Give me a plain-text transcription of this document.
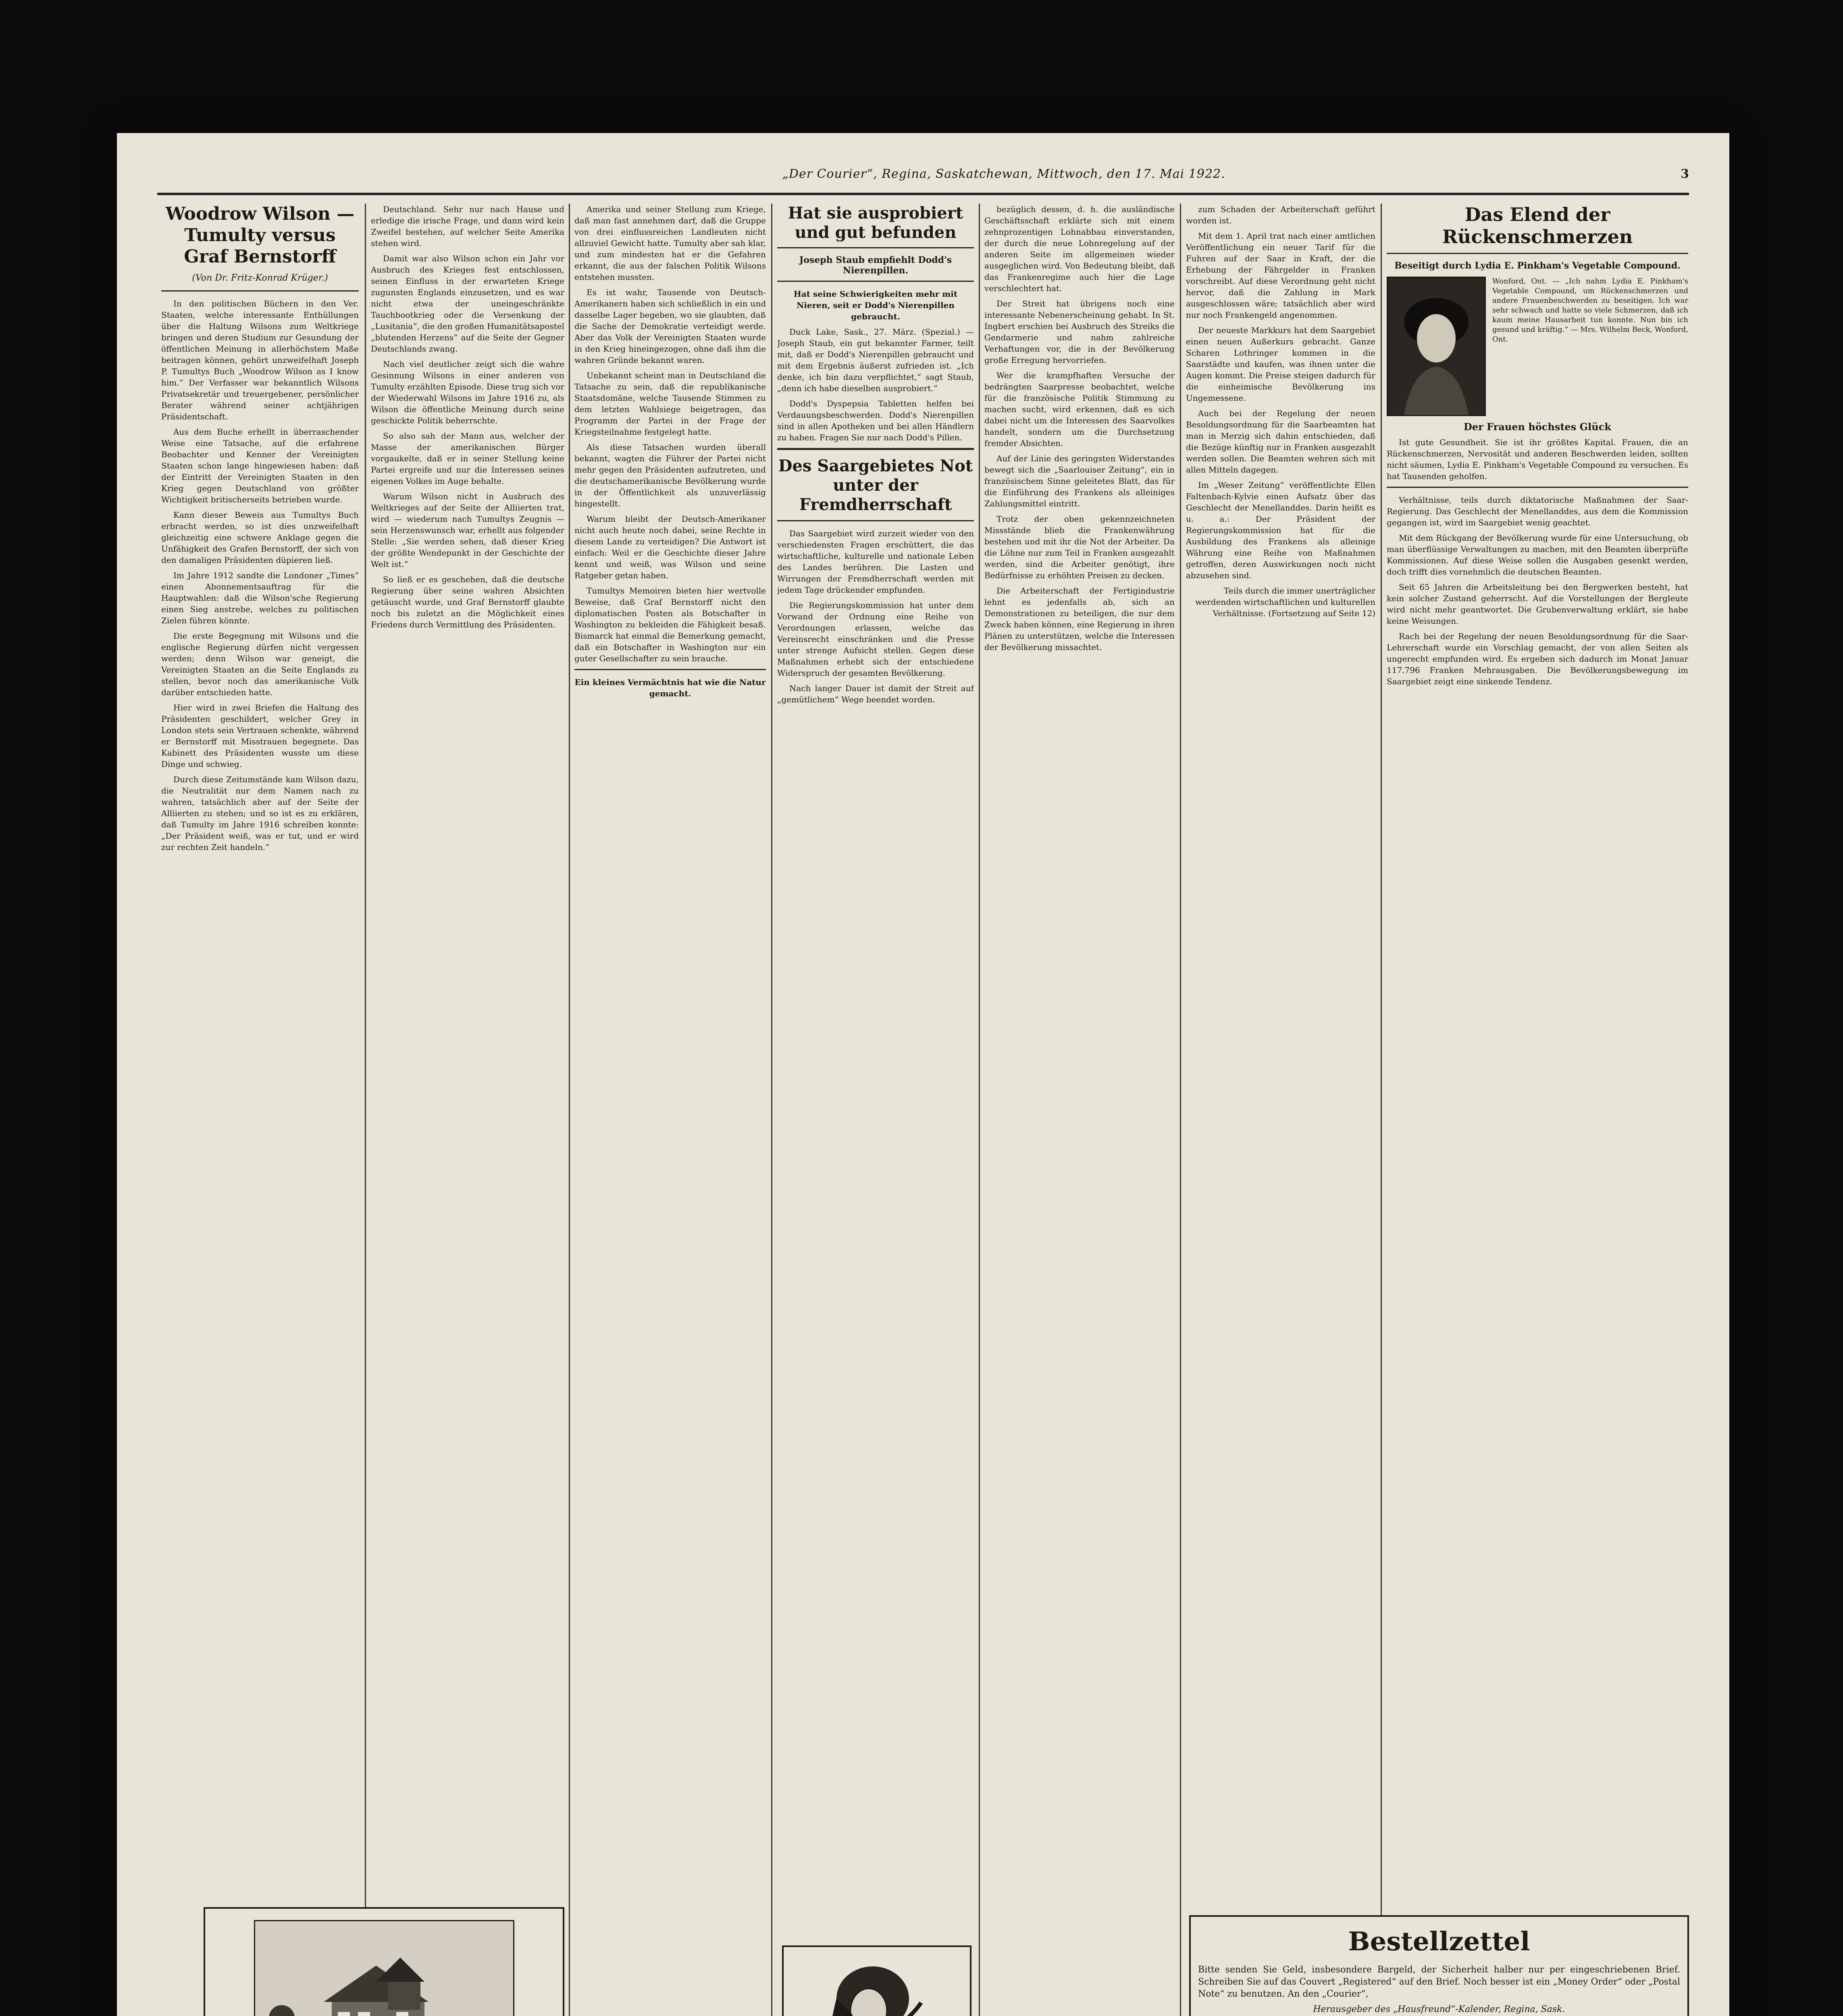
„Der Courier“, Regina, Saskatchewan, Mittwoch, den 17. Mai 1922.	3
Woodrow Wilson — Tumulty versus Graf Bernstorff
(Von Dr. Fritz-Konrad Krüger.)

In den politischen Büchern in den Ver. Staaten, welche interessante Enthüllungen über die Haltung Wilsons zum Weltkriege bringen und deren Studium zur Gesundung der öffentlichen Meinung in allerhöchstem Maße beitragen können, gehört unzweifelhaft Joseph P. Tumultys Buch „Woodrow Wilson as I know him.“ Der Verfasser war bekanntlich Wilsons Privatsekretär und treuergebener, persönlicher Berater während seiner achtjährigen Präsidentschaft.

Aus dem Buche erhellt in überraschender Weise eine Tatsache, auf die erfahrene Beobachter und Kenner der Vereinigten Staaten schon lange hingewiesen haben: daß der Eintritt der Vereinigten Staaten in den Krieg gegen Deutschland von größter Wichtigkeit britischerseits betrieben wurde.

Kann dieser Beweis aus Tumultys Buch erbracht werden, so ist dies unzweifelhaft gleichzeitig eine schwere Anklage gegen die Unfähigkeit des Grafen Bernstorff, der sich von den damaligen Präsidenten düpieren ließ.

Im Jahre 1912 sandte die Londoner „Times“ einen Abonnementsauftrag für die Hauptwahlen: daß die Wilson'sche Regierung einen Sieg anstrebe, welches zu politischen Zielen führen könnte.

Die erste Begegnung mit Wilsons und die englische Regierung dürfen nicht vergessen werden; denn Wilson war geneigt, die Vereinigten Staaten an die Seite Englands zu stellen, bevor noch das amerikanische Volk darüber entschieden hatte.

Hier wird in zwei Briefen die Haltung des Präsidenten geschildert, welcher Grey in London stets sein Vertrauen schenkte, während er Bernstorff mit Misstrauen begegnete. Das Kabinett des Präsidenten wusste um diese Dinge und schwieg.

Durch diese Zeitumstände kam Wilson dazu, die Neutralität nur dem Namen nach zu wahren, tatsächlich aber auf der Seite der Alliierten zu stehen; und so ist es zu erklären, daß Tumulty im Jahre 1916 schreiben konnte: „Der Präsident weiß, was er tut, und er wird zur rechten Zeit handeln.“

Deutschland. Sehr nur nach Hause und erledige die irische Frage, und dann wird kein Zweifel bestehen, auf welcher Seite Amerika stehen wird.

Damit war also Wilson schon ein Jahr vor Ausbruch des Krieges fest entschlossen, seinen Einfluss in der erwarteten Kriege zugunsten Englands einzusetzen, und es war nicht etwa der uneingeschränkte Tauchbootkrieg oder die Versenkung der „Lusitania“, die den großen Humanitätsapostel „blutenden Herzens“ auf die Seite der Gegner Deutschlands zwang.

Nach viel deutlicher zeigt sich die wahre Gesinnung Wilsons in einer anderen von Tumulty erzählten Episode. Diese trug sich vor der Wiederwahl Wilsons im Jahre 1916 zu, als Wilson die öffentliche Meinung durch seine geschickte Politik beherrschte.

So also sah der Mann aus, welcher der Masse der amerikanischen Bürger vorgaukelte, daß er in seiner Stellung keine Partei ergreife und nur die Interessen seines eigenen Volkes im Auge behalte.

Warum Wilson nicht in Ausbruch des Weltkrieges auf der Seite der Alliierten trat, wird — wiederum nach Tumultys Zeugnis — sein Herzenswunsch war, erhellt aus folgender Stelle: „Sie werden sehen, daß dieser Krieg der größte Wendepunkt in der Geschichte der Welt ist.“

So ließ er es geschehen, daß die deutsche Regierung über seine wahren Absichten getäuscht wurde, und Graf Bernstorff glaubte noch bis zuletzt an die Möglichkeit eines Friedens durch Vermittlung des Präsidenten.

Amerika und seiner Stellung zum Kriege, daß man fast annehmen darf, daß die Gruppe von drei einflussreichen Landleuten nicht allzuviel Gewicht hatte. Tumulty aber sah klar, und zum mindesten hat er die Gefahren erkannt, die aus der falschen Politik Wilsons entstehen mussten.

Es ist wahr, Tausende von Deutsch-Amerikanern haben sich schließlich in ein und dasselbe Lager begeben, wo sie glaubten, daß die Sache der Demokratie verteidigt werde. Aber das Volk der Vereinigten Staaten wurde in den Krieg hineingezogen, ohne daß ihm die wahren Gründe bekannt waren.

Unbekannt scheint man in Deutschland die Tatsache zu sein, daß die republikanische Staatsdomäne, welche Tausende Stimmen zu dem letzten Wahlsiege beigetragen, das Programm der Partei in der Frage der Kriegsteilnahme festgelegt hatte.

Als diese Tatsachen wurden überall bekannt, wagten die Führer der Partei nicht mehr gegen den Präsidenten aufzutreten, und die deutschamerikanische Bevölkerung wurde in der Öffentlichkeit als unzuverlässig hingestellt.

Warum bleibt der Deutsch-Amerikaner nicht auch heute noch dabei, seine Rechte in diesem Lande zu verteidigen? Die Antwort ist einfach: Weil er die Geschichte dieser Jahre kennt und weiß, was Wilson und seine Ratgeber getan haben.

Tumultys Memoiren bieten hier wertvolle Beweise, daß Graf Bernstorff nicht den diplomatischen Posten als Botschafter in Washington zu bekleiden die Fähigkeit besaß. Bismarck hat einmal die Bemerkung gemacht, daß ein Botschafter in Washington nur ein guter Gesellschafter zu sein brauche.

Ein kleines Vermächtnis hat wie die Natur gemacht.

Hat sie ausprobiert und gut befunden
Joseph Staub empfiehlt Dodd's Nierenpillen.

Hat seine Schwierigkeiten mehr mit Nieren, seit er Dodd's Nierenpillen gebraucht.

Duck Lake, Sask., 27. März. (Spezial.) — Joseph Staub, ein gut bekannter Farmer, teilt mit, daß er Dodd's Nierenpillen gebraucht und mit dem Ergebnis äußerst zufrieden ist. „Ich denke, ich bin dazu verpflichtet,“ sagt Staub, „denn ich habe dieselben ausprobiert.“

Dodd's Dyspepsia Tabletten helfen bei Verdauungsbeschwerden. Dodd's Nierenpillen sind in allen Apotheken und bei allen Händlern zu haben. Fragen Sie nur nach Dodd's Pillen.

Des Saargebietes Not unter der Fremdherrschaft

Das Saargebiet wird zurzeit wieder von den verschiedensten Fragen erschüttert, die das wirtschaftliche, kulturelle und nationale Leben des Landes berühren. Die Lasten und Wirrungen der Fremdherrschaft werden mit jedem Tage drückender empfunden.

Die Regierungskommission hat unter dem Vorwand der Ordnung eine Reihe von Verordnungen erlassen, welche das Vereinsrecht einschränken und die Presse unter strenge Aufsicht stellen. Gegen diese Maßnahmen erhebt sich der entschiedene Widerspruch der gesamten Bevölkerung.

Nach langer Dauer ist damit der Streit auf „gemütlichem“ Wege beendet worden.

bezüglich dessen, d. h. die ausländische Geschäftsschaft erklärte sich mit einem zehnprozentigen Lohnabbau einverstanden, der durch die neue Lohnregelung auf der anderen Seite im allgemeinen wieder ausgeglichen wird. Von Bedeutung bleibt, daß das Frankenregime auch hier die Lage verschlechtert hat.

Der Streit hat übrigens noch eine interessante Nebenerscheinung gehabt. In St. Ingbert erschien bei Ausbruch des Streiks die Gendarmerie und nahm zahlreiche Verhaftungen vor, die in der Bevölkerung große Erregung hervorriefen.

Wer die krampfhaften Versuche der bedrängten Saarpresse beobachtet, welche für die französische Politik Stimmung zu machen sucht, wird erkennen, daß es sich dabei nicht um die Interessen des Saarvolkes handelt, sondern um die Durchsetzung fremder Absichten.

Auf der Linie des geringsten Widerstandes bewegt sich die „Saarlouiser Zeitung“, ein in französischem Sinne geleitetes Blatt, das für die Einführung des Frankens als alleiniges Zahlungsmittel eintritt.

Trotz der oben gekennzeichneten Missstände blieb die Frankenwährung bestehen und mit ihr die Not der Arbeiter. Da die Löhne nur zum Teil in Franken ausgezahlt werden, sind die Arbeiter genötigt, ihre Bedürfnisse zu erhöhten Preisen zu decken.

Die Arbeiterschaft der Fertigindustrie lehnt es jedenfalls ab, sich an Demonstrationen zu beteiligen, die nur dem Zweck haben können, eine Regierung in ihren Plänen zu unterstützen, welche die Interessen der Bevölkerung missachtet.

zum Schaden der Arbeiterschaft geführt worden ist.

Mit dem 1. April trat nach einer amtlichen Veröffentlichung ein neuer Tarif für die Fuhren auf der Saar in Kraft, der die Erhebung der Fährgelder in Franken vorschreibt. Auf diese Verordnung geht nicht hervor, daß die Zahlung in Mark ausgeschlossen wäre; tatsächlich aber wird nur noch Frankengeld angenommen.

Der neueste Markkurs hat dem Saargebiet einen neuen Außerkurs gebracht. Ganze Scharen Lothringer kommen in die Saarstädte und kaufen, was ihnen unter die Augen kommt. Die Preise steigen dadurch für die einheimische Bevölkerung ins Ungemessene.

Auch bei der Regelung der neuen Besoldungsordnung für die Saarbeamten hat man in Merzig sich dahin entschieden, daß die Bezüge künftig nur in Franken ausgezahlt werden sollen. Die Beamten wehren sich mit allen Mitteln dagegen.

Im „Weser Zeitung“ veröffentlichte Ellen Faltenbach-Kylvie einen Aufsatz über das Geschlecht der Menellanddes. Darin heißt es u. a.: Der Präsident der Regierungskommission hat für die Ausbildung des Frankens als alleinige Währung eine Reihe von Maßnahmen getroffen, deren Auswirkungen noch nicht abzusehen sind.

Teils durch die immer unerträglicher werdenden wirtschaftlichen und kulturellen Verhältnisse. (Fortsetzung auf Seite 12)

Das Elend der Rückenschmerzen
Beseitigt durch Lydia E. Pinkham's Vegetable Compound.
Wonford, Ont. — „Ich nahm Lydia E. Pinkham's Vegetable Compound, um Rückenschmerzen und andere Frauenbeschwerden zu beseitigen. Ich war sehr schwach und hatte so viele Schmerzen, daß ich kaum meine Hausarbeit tun konnte. Nun bin ich gesund und kräftig.“ — Mrs. Wilhelm Beck, Wonford, Ont.
Der Frauen höchstes Glück

Ist gute Gesundheit. Sie ist ihr größtes Kapital. Frauen, die an Rückenschmerzen, Nervosität und anderen Beschwerden leiden, sollten nicht säumen, Lydia E. Pinkham's Vegetable Compound zu versuchen. Es hat Tausenden geholfen.

Verhältnisse, teils durch diktatorische Maßnahmen der Saar-Regierung. Das Geschlecht der Menellanddes, aus dem die Kommission gegangen ist, wird im Saargebiet wenig geachtet.

Mit dem Rückgang der Bevölkerung wurde für eine Untersuchung, ob man überflüssige Verwaltungen zu machen, mit den Beamten überprüfte Kommissionen. Auf diese Weise sollen die Ausgaben gesenkt werden, doch trifft dies vornehmlich die deutschen Beamten.

Seit 65 Jahren die Arbeitsleitung bei den Bergwerken besteht, hat kein solcher Zustand geherrscht. Auf die Vorstellungen der Bergleute wird nicht mehr geantwortet. Die Grubenverwaltung erklärt, sie habe keine Weisungen.

Rach bei der Regelung der neuen Besoldungsordnung für die Saar-Lehrerschaft wurde ein Vorschlag gemacht, der von allen Seiten als ungerecht empfunden wird. Es ergeben sich dadurch im Monat Januar 117.796 Franken Mehrausgaben. Die Bevölkerungsbewegung im Saargebiet zeigt eine sinkende Tendenz.

Bestellzettel
Bitte senden Sie Geld, insbesondere Bargeld, der Sicherheit halber nur per eingeschriebenen Brief. Schreiben Sie auf das Couvert „Registered“ auf den Brief. Noch besser ist ein „Money Order“ oder „Postal Note“ zu benutzen. An den „Courier“,
Herausgeber des „Hausfreund“-Kalender, Regina, Sask.
